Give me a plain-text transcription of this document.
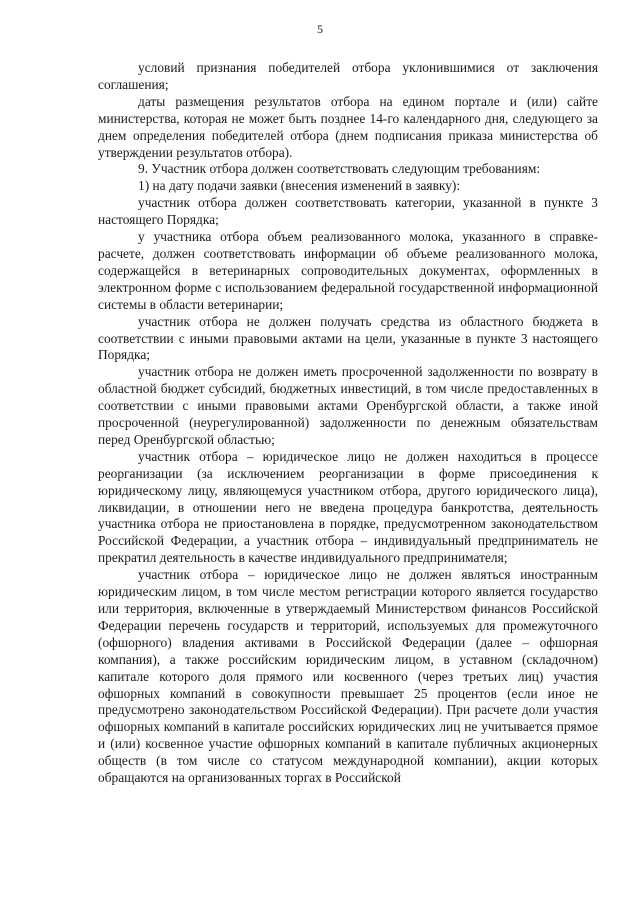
5

условий признания победителей отбора уклонившимися от заключения соглашения;

даты размещения результатов отбора на едином портале и (или) сайте министерства, которая не может быть позднее 14-го календарного дня, следующего за днем определения победителей отбора (днем подписания приказа министерства об утверждении результатов отбора).

9. Участник отбора должен соответствовать следующим требованиям:

1) на дату подачи заявки (внесения изменений в заявку):

участник отбора должен соответствовать категории, указанной в пункте 3 настоящего Порядка;

у участника отбора объем реализованного молока, указанного в справке-расчете, должен соответствовать информации об объеме реализованного молока, содержащейся в ветеринарных сопроводительных документах, оформленных в электронном форме с использованием федеральной государственной информационной системы в области ветеринарии;

участник отбора не должен получать средства из областного бюджета в соответствии с иными правовыми актами на цели, указанные в пункте 3 настоящего Порядка;

участник отбора не должен иметь просроченной задолженности по возврату в областной бюджет субсидий, бюджетных инвестиций, в том числе предоставленных в соответствии с иными правовыми актами Оренбургской области, а также иной просроченной (неурегулированной) задолженности по денежным обязательствам перед Оренбургской областью;

участник отбора – юридическое лицо не должен находиться в процессе реорганизации (за исключением реорганизации в форме присоединения к юридическому лицу, являющемуся участником отбора, другого юридического лица), ликвидации, в отношении него не введена процедура банкротства, деятельность участника отбора не приостановлена в порядке, предусмотренном законодательством Российской Федерации, а участник отбора – индивидуальный предприниматель не прекратил деятельность в качестве индивидуального предпринимателя;

участник отбора – юридическое лицо не должен являться иностранным юридическим лицом, в том числе местом регистрации которого является государство или территория, включенные в утверждаемый Министерством финансов Российской Федерации перечень государств и территорий, используемых для промежуточного (офшорного) владения активами в Российской Федерации (далее – офшорная компания), а также российским юридическим лицом, в уставном (складочном) капитале которого доля прямого или косвенного (через третьих лиц) участия офшорных компаний в совокупности превышает 25 процентов (если иное не предусмотрено законодательством Российской Федерации). При расчете доли участия офшорных компаний в капитале российских юридических лиц не учитывается прямое и (или) косвенное участие офшорных компаний в капитале публичных акционерных обществ (в том числе со статусом международной компании), акции которых обращаются на организованных торгах в Российской
